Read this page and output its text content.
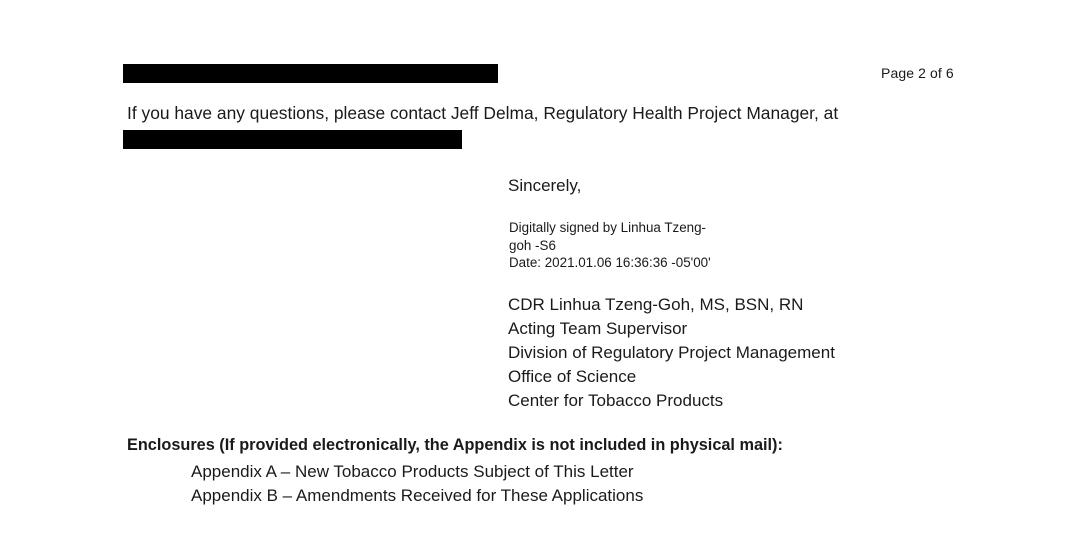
Page 2 of 6
If you have any questions, please contact Jeff Delma, Regulatory Health Project Manager, at
Sincerely,
Digitally signed by Linhua Tzeng-
goh -S6
Date: 2021.01.06 16:36:36 -05'00'
CDR Linhua Tzeng-Goh, MS, BSN, RN
Acting Team Supervisor
Division of Regulatory Project Management
Office of Science
Center for Tobacco Products
Enclosures (If provided electronically, the Appendix is not included in physical mail):
Appendix A – New Tobacco Products Subject of This Letter
Appendix B – Amendments Received for These Applications
